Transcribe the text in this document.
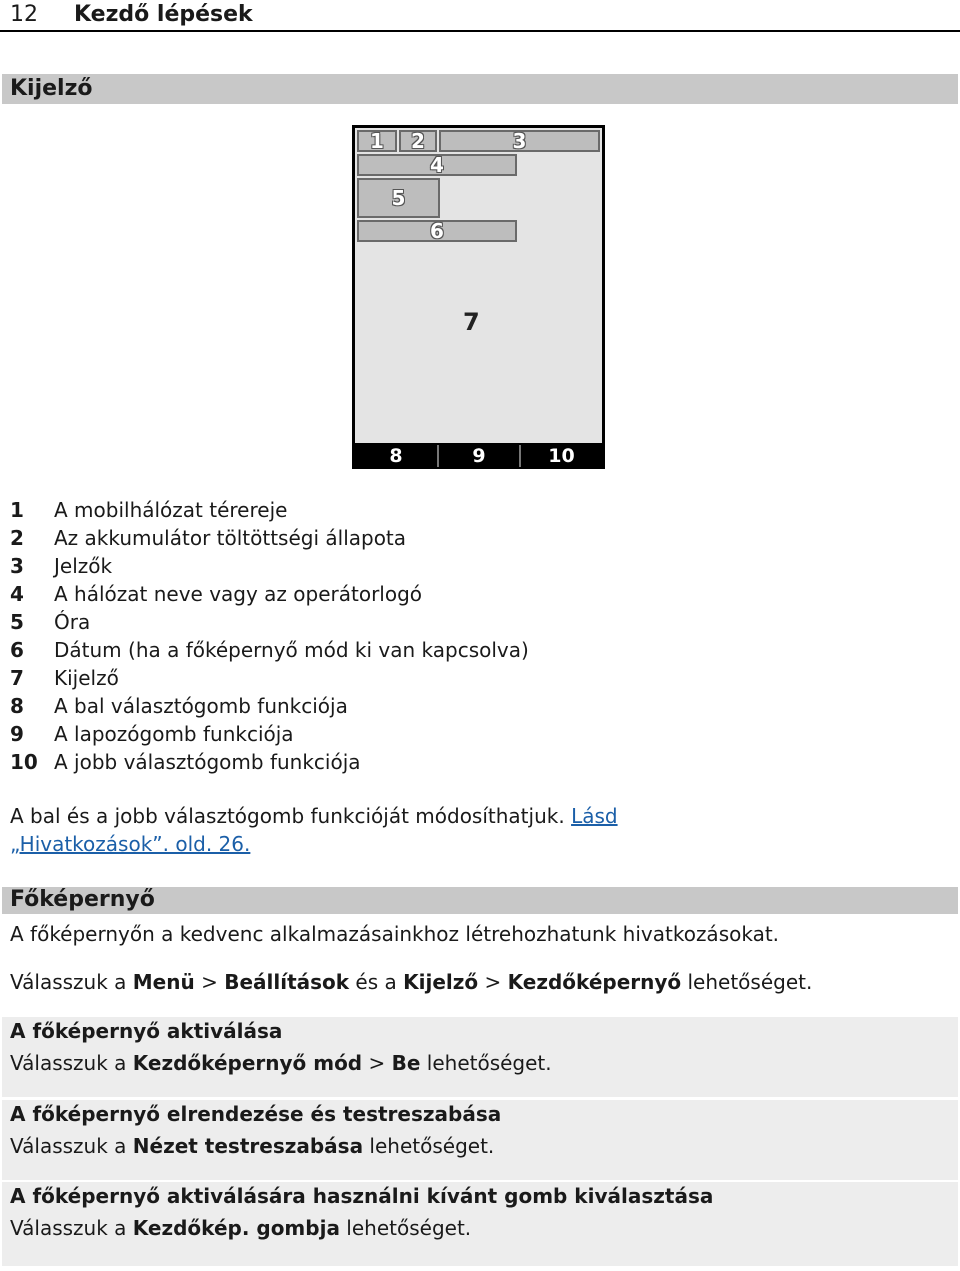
12 Kezdő lépések
Kijelző
1	2	3
4
5
6
7
8	9	10
1 A mobilhálózat térereje
2 Az akkumulátor töltöttségi állapota
3 Jelzők
4 A hálózat neve vagy az operátorlogó
5 Óra
6 Dátum (ha a főképernyő mód ki van kapcsolva)
7 Kijelző
8 A bal választógomb funkciója
9 A lapozógomb funkciója
10 A jobb választógomb funkciója
A bal és a jobb választógomb funkcióját módosíthatjuk. Lásd
„Hivatkozások”. old. 26.
Főképernyő
A főképernyőn a kedvenc alkalmazásainkhoz létrehozhatunk hivatkozásokat.
Válasszuk a Menü > Beállítások és a Kijelző > Kezdőképernyő lehetőséget.
A főképernyő aktiválása
Válasszuk a Kezdőképernyő mód > Be lehetőséget.
A főképernyő elrendezése és testreszabása
Válasszuk a Nézet testreszabása lehetőséget.
A főképernyő aktiválására használni kívánt gomb kiválasztása
Válasszuk a Kezdőkép. gombja lehetőséget.
